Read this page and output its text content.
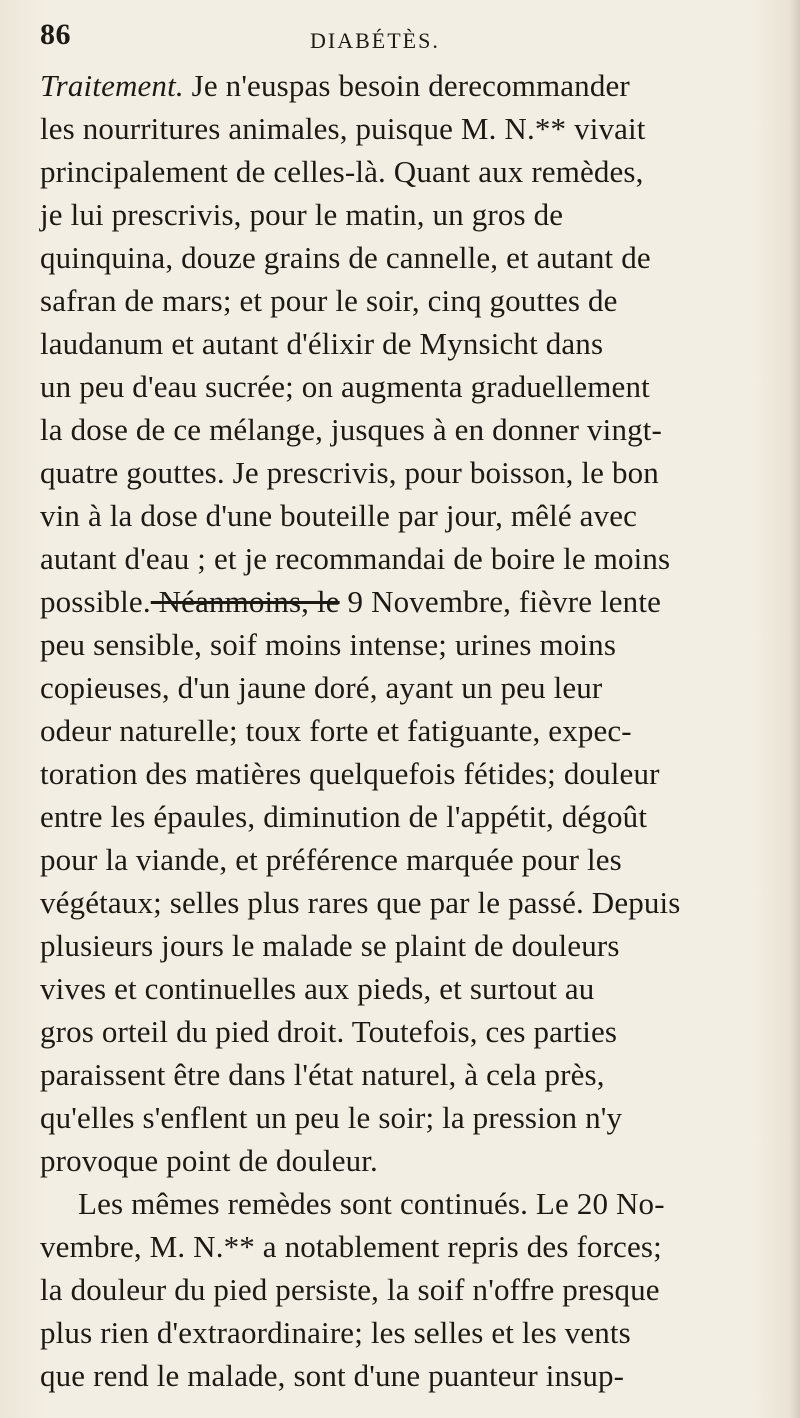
86	DIABÉTÈS.
Traitement. Je n'euspas besoin derecommander
les nourritures animales, puisque M. N.** vivait
principalement de celles-là. Quant aux remèdes,
je lui prescrivis, pour le matin, un gros de
quinquina, douze grains de cannelle, et autant de
safran de mars; et pour le soir, cinq gouttes de
laudanum et autant d'élixir de Mynsicht dans
un peu d'eau sucrée; on augmenta graduellement
la dose de ce mélange, jusques à en donner vingt-
quatre gouttes. Je prescrivis, pour boisson, le bon
vin à la dose d'une bouteille par jour, mêlé avec
autant d'eau ; et je recommandai de boire le moins
possible. Néanmoins, le 9 Novembre, fièvre lente
peu sensible, soif moins intense; urines moins
copieuses, d'un jaune doré, ayant un peu leur
odeur naturelle; toux forte et fatiguante, expec-
toration des matières quelquefois fétides; douleur
entre les épaules, diminution de l'appétit, dégoût
pour la viande, et préférence marquée pour les
végétaux; selles plus rares que par le passé. Depuis
plusieurs jours le malade se plaint de douleurs
vives et continuelles aux pieds, et surtout au
gros orteil du pied droit. Toutefois, ces parties
paraissent être dans l'état naturel, à cela près,
qu'elles s'enflent un peu le soir; la pression n'y
provoque point de douleur.
Les mêmes remèdes sont continués. Le 20 No-
vembre, M. N.** a notablement repris des forces;
la douleur du pied persiste, la soif n'offre presque
plus rien d'extraordinaire; les selles et les vents
que rend le malade, sont d'une puanteur insup-
